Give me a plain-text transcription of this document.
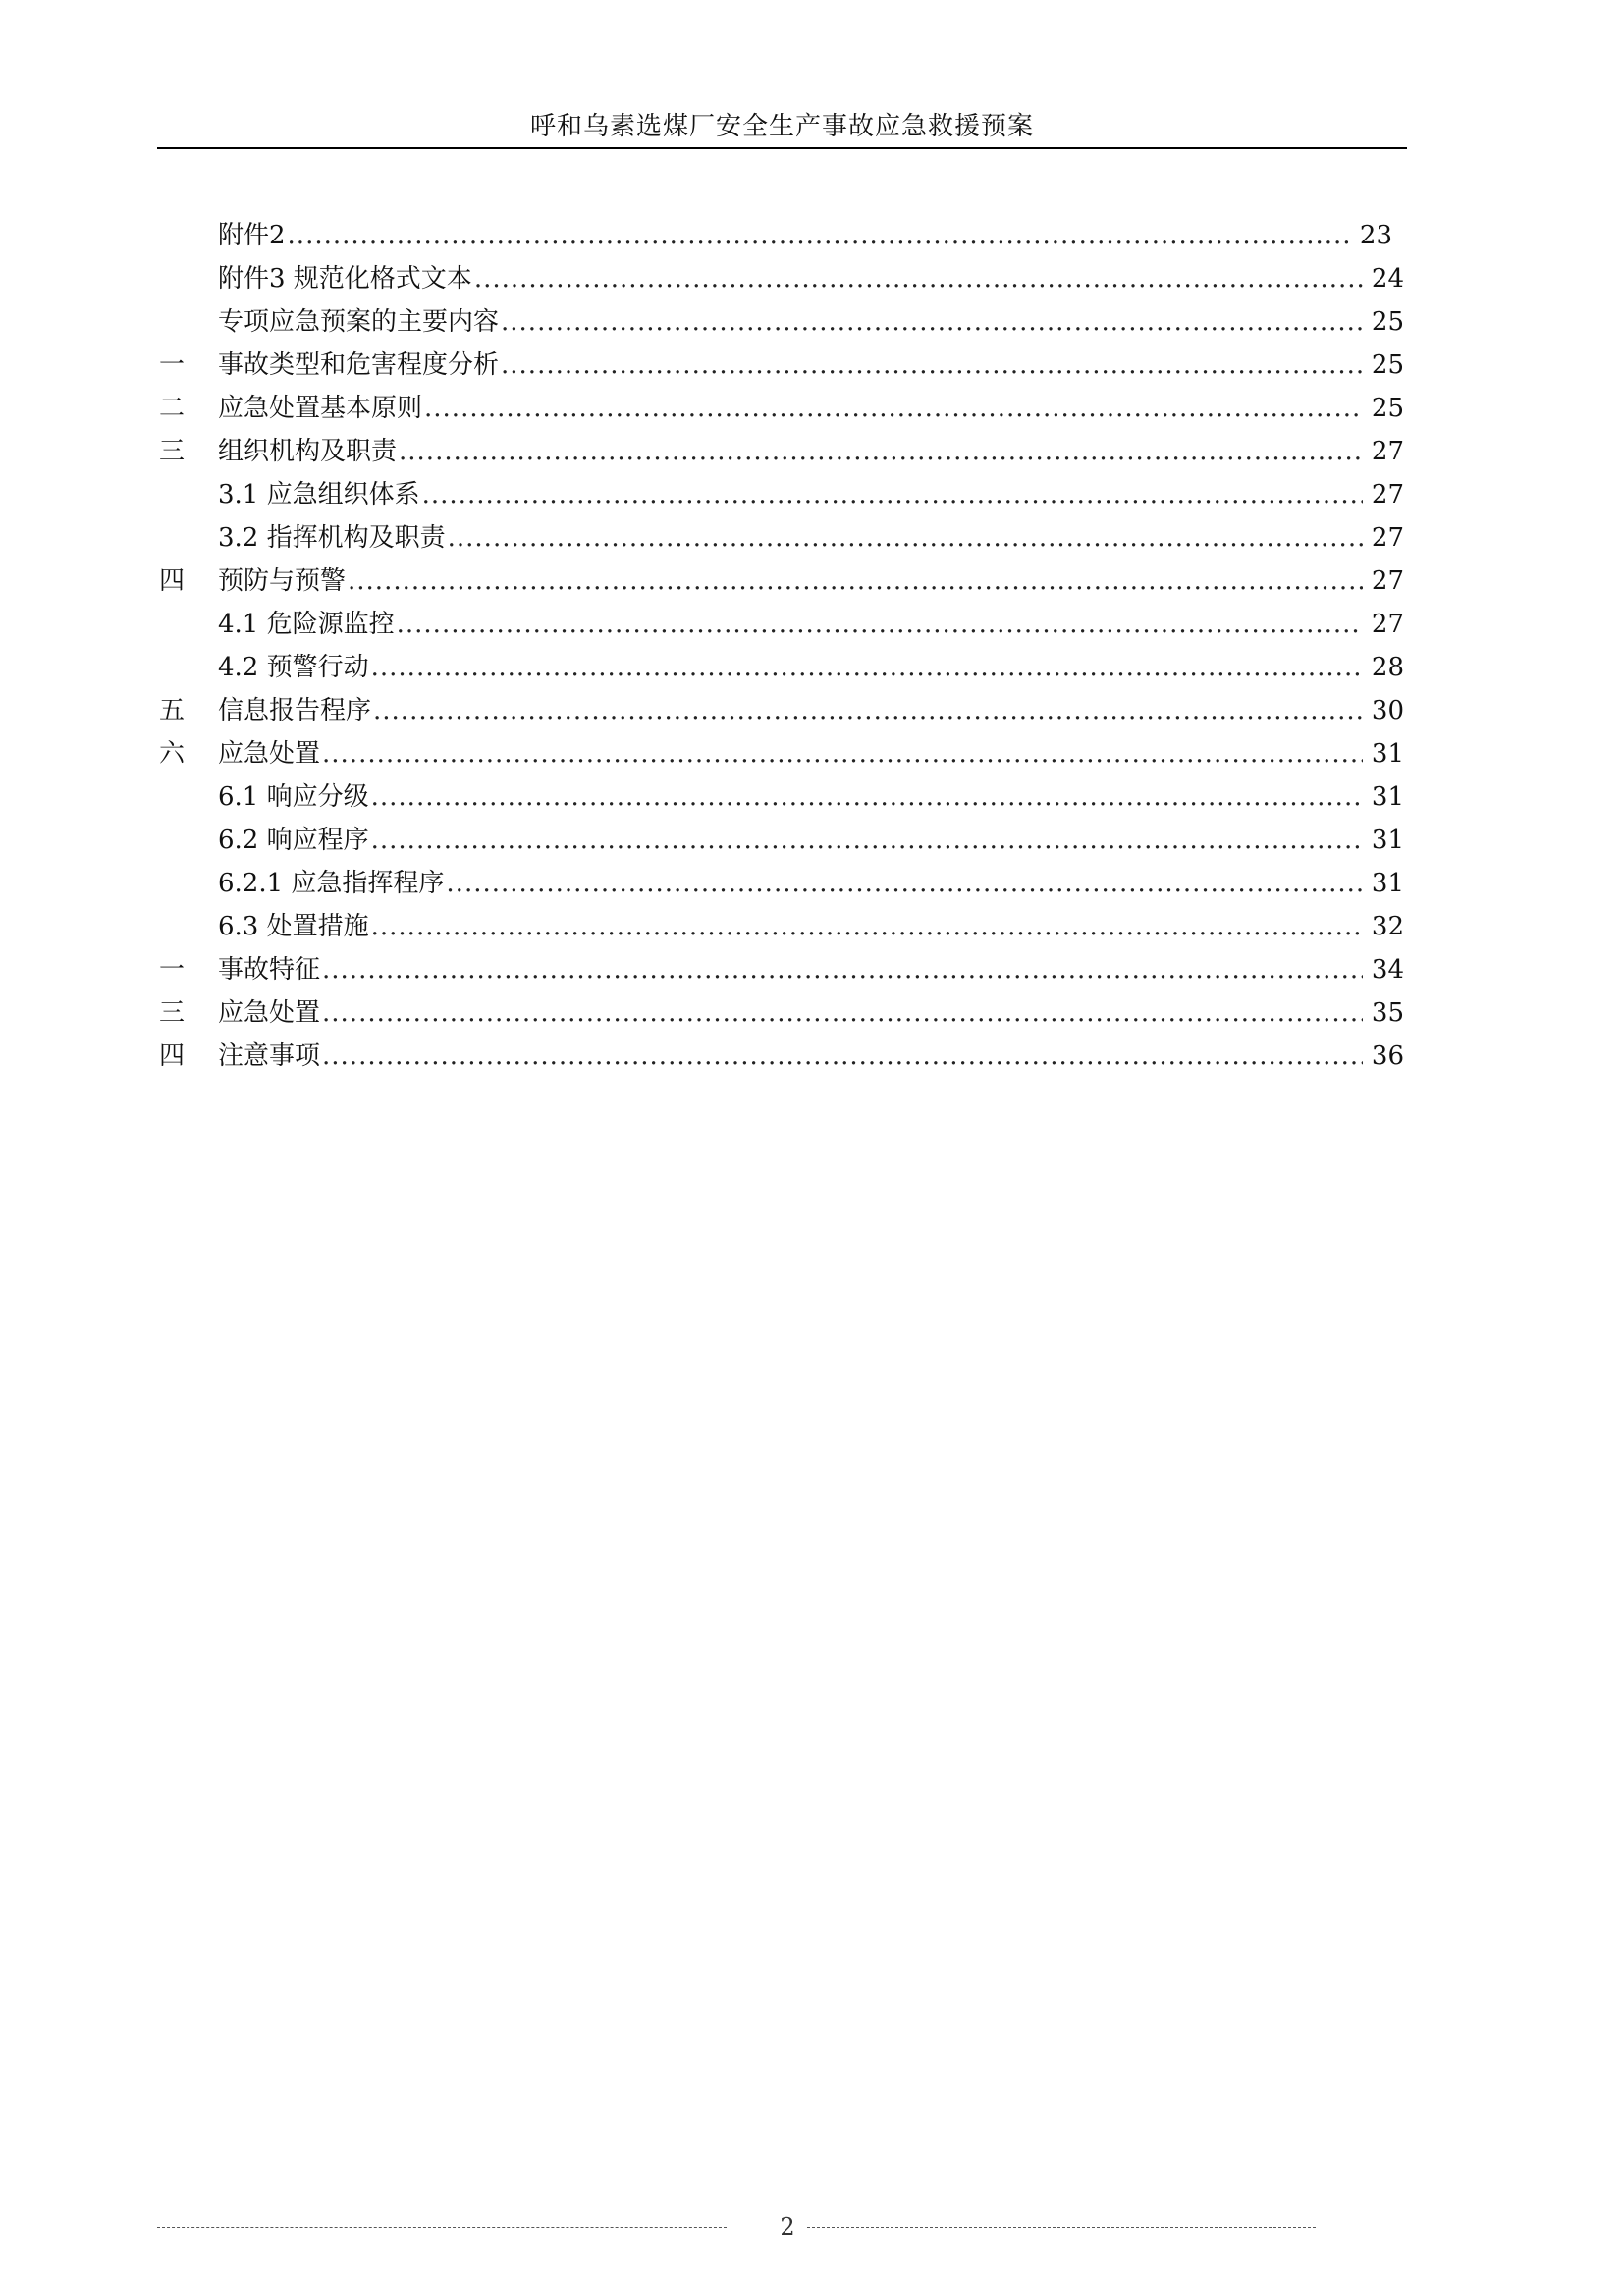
呼和乌素选煤厂安全生产事故应急救援预案
附件2 .....	23
附件3 规范化格式文本 .....	24
专项应急预案的主要内容 .....	25
一	事故类型和危害程度分析 .....	25
二	应急处置基本原则 .....	25
三	组织机构及职责 .....	27
3.1 应急组织体系 .....	27
3.2 指挥机构及职责 .....	27
四	预防与预警 .....	27
4.1 危险源监控 .....	27
4.2 预警行动 .....	28
五	信息报告程序 .....	30
六	应急处置 .....	31
6.1 响应分级 .....	31
6.2 响应程序 .....	31
6.2.1 应急指挥程序 .....	31
6.3 处置措施 .....	32
一	事故特征 .....	34
三	应急处置 .....	35
四	注意事项 .....	36
2
